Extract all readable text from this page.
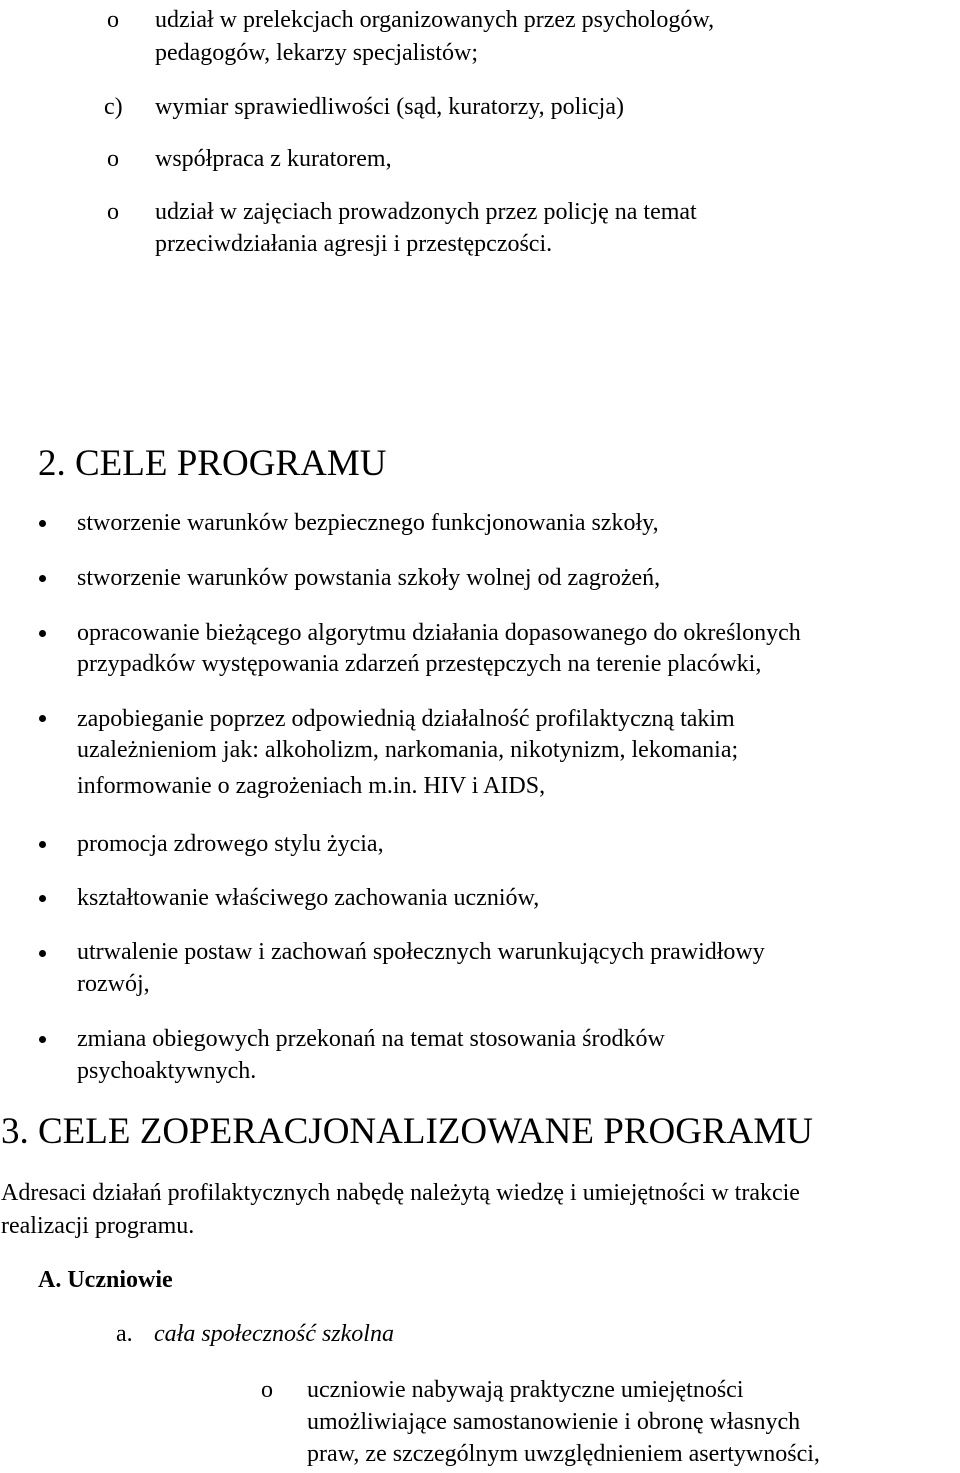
o udział w prelekcjach organizowanych przez psychologów,
pedagogów, lekarzy specjalistów;
c) wymiar sprawiedliwości (sąd, kuratorzy, policja)
o współpraca z kuratorem,
o udział w zajęciach prowadzonych przez policję na temat
przeciwdziałania agresji i przestępczości.
2. CELE PROGRAMU
stworzenie warunków bezpiecznego funkcjonowania szkoły,
stworzenie warunków powstania szkoły wolnej od zagrożeń,
opracowanie bieżącego algorytmu działania dopasowanego do określonych
przypadków występowania zdarzeń przestępczych na terenie placówki,
zapobieganie poprzez odpowiednią działalność profilaktyczną takim
uzależnieniom jak: alkoholizm, narkomania, nikotynizm, lekomania;
informowanie o zagrożeniach m.in. HIV i AIDS,
promocja zdrowego stylu życia,
kształtowanie właściwego zachowania uczniów,
utrwalenie postaw i zachowań społecznych warunkujących prawidłowy
rozwój,
zmiana obiegowych przekonań na temat stosowania środków
psychoaktywnych.
3. CELE ZOPERACJONALIZOWANE PROGRAMU
Adresaci działań profilaktycznych nabędę należytą wiedzę i umiejętności w trakcie
realizacji programu.
A. Uczniowie
a. cała społeczność szkolna
o uczniowie nabywają praktyczne umiejętności
umożliwiające samostanowienie i obronę własnych
praw, ze szczególnym uwzględnieniem asertywności,
